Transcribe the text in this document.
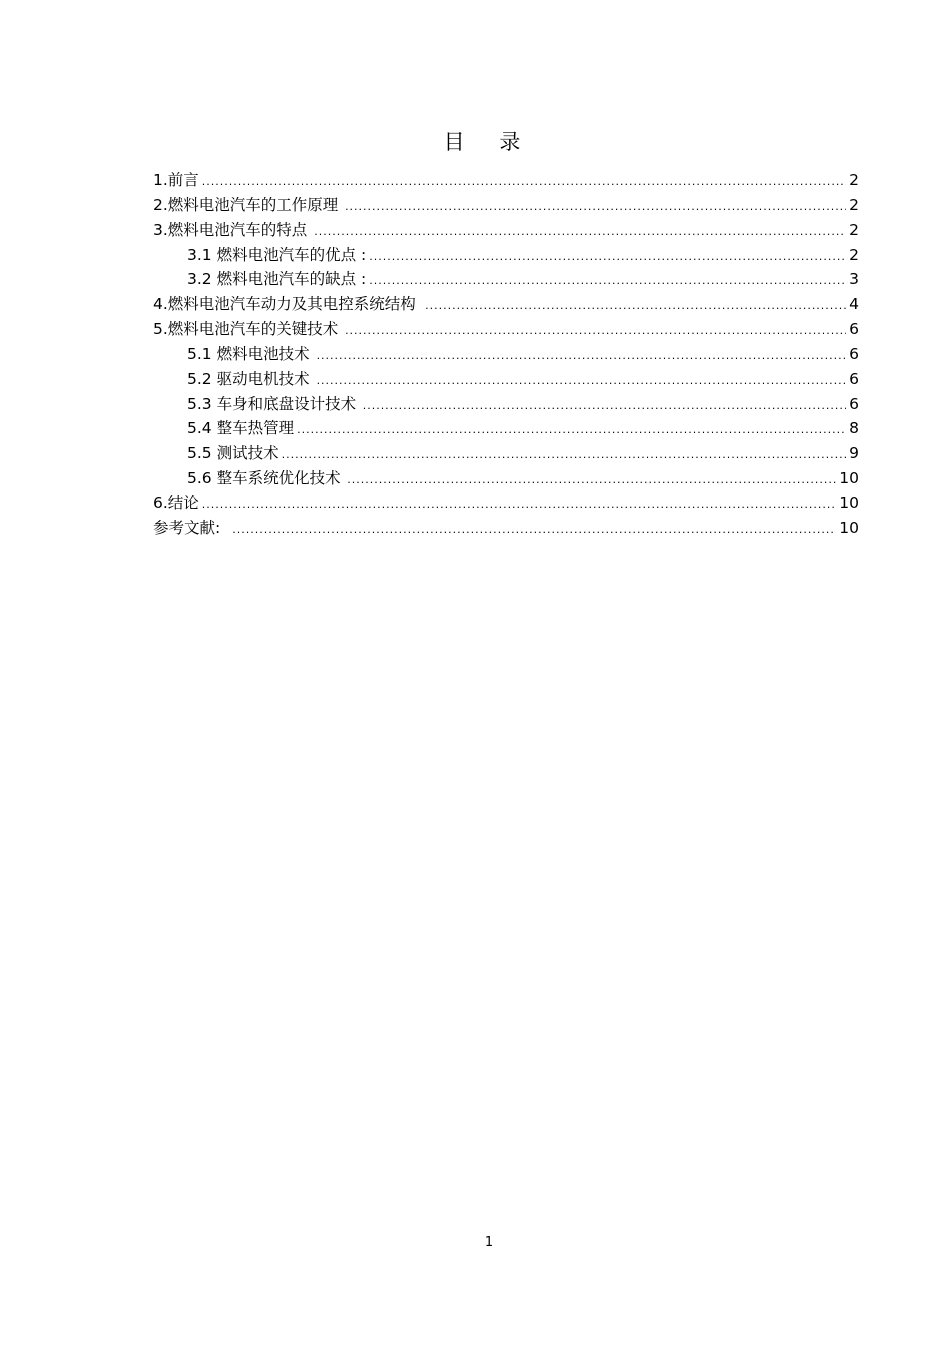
目 录
1.前言 .....	2
2.燃料电池汽车的工作原理 .....	2
3.燃料电池汽车的特点 .....	2
3.1 燃料电池汽车的优点 : .....	2
3.2 燃料电池汽车的缺点 : .....	3
4.燃料电池汽车动力及其电控系统结构 .....	4
5.燃料电池汽车的关键技术 .....	6
5.1 燃料电池技术 .....	6
5.2 驱动电机技术 .....	6
5.3 车身和底盘设计技术 .....	6
5.4 整车热管理 .....	8
5.5 测试技术 .....	9
5.6 整车系统优化技术 .....	10
6.结论 .....	10
参考文献: .....	10
1
